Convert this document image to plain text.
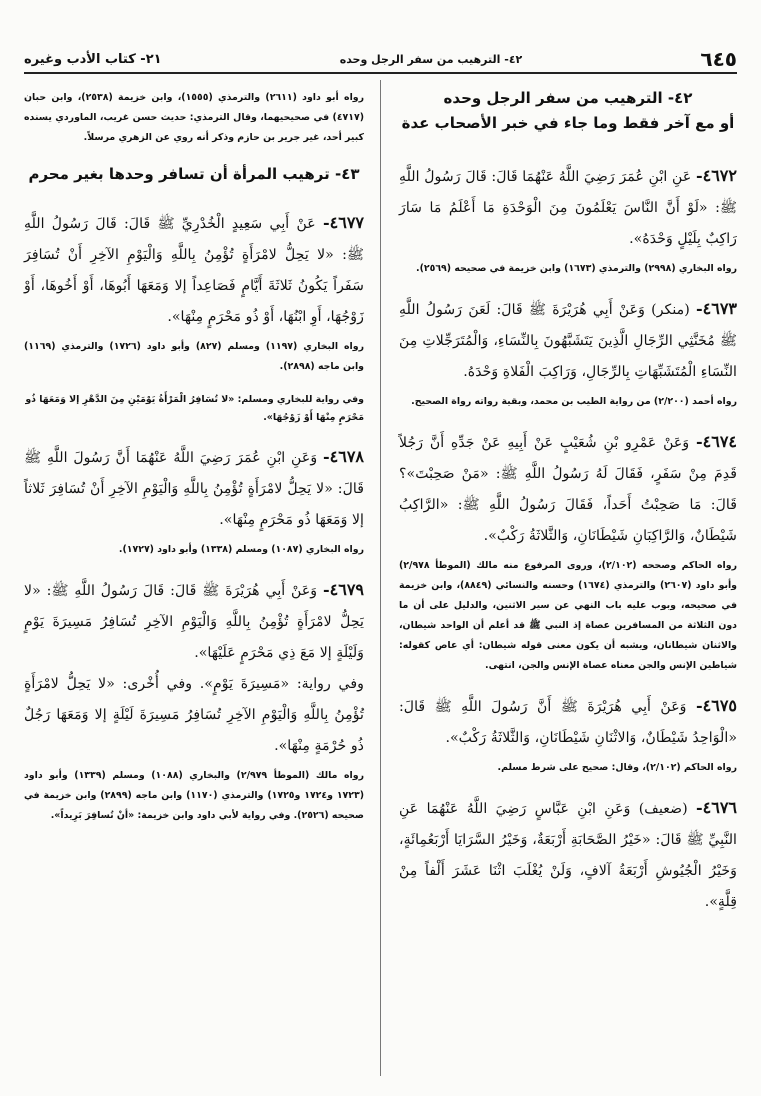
٦٤٥
٤٢- الترهيب من سفر الرجل وحده
٢١- كتاب الأدب وغيره
٤٢- الترهيب من سفر الرجل وحده
أو مع آخر فقط وما جاء في خبر الأصحاب عدة

٤٦٧٢- عَنِ ابْنِ عُمَرَ رَضِيَ اللَّهُ عَنْهُمَا قَالَ: قَالَ رَسُولُ اللَّهِ ﷺ: «لَوْ أَنَّ النَّاسَ يَعْلَمُونَ مِنَ الْوَحْدَةِ مَا أَعْلَمُ مَا سَارَ رَاكِبٌ بِلَيْلٍ وَحْدَهُ».

رواه البخاري (٢٩٩٨) والترمذي (١٦٧٣) وابن خزيمة في صحيحه (٢٥٦٩).

٤٦٧٣- (منكر) وَعَنْ أَبِي هُرَيْرَةَ ﷺ قَالَ: لَعَنَ رَسُولُ اللَّهِ ﷺ مُخَنَّثِي الرِّجَالِ الَّذِينَ يَتَشَبَّهُونَ بِالنِّسَاءِ، وَالْمُتَرَجِّلاتِ مِنَ النِّسَاءِ الْمُتَشَبِّهَاتِ بِالرِّجَالِ، وَرَاكِبَ الْفَلاةِ وَحْدَهُ.

رواه أحمد (٢/٢٠٠) من رواية الطيب بن محمد، وبقية رواته رواة الصحيح.

٤٦٧٤- وَعَنْ عَمْرِو بْنِ شُعَيْبٍ عَنْ أَبِيهِ عَنْ جَدِّهِ أَنَّ رَجُلاً قَدِمَ مِنْ سَفَرٍ، فَقَالَ لَهُ رَسُولُ اللَّهِ ﷺ: «مَنْ صَحِبْتَ»؟ قَالَ: مَا صَحِبْتُ أَحَداً، فَقَالَ رَسُولُ اللَّهِ ﷺ: «الرَّاكِبُ شَيْطَانٌ، وَالرَّاكِبَانِ شَيْطَانَانِ، وَالثَّلاثَةُ رَكْبٌ».

رواه الحاكم وصححه (٢/١٠٢)، وروى المرفوع منه مالك (الموطأ ٢/٩٧٨) وأبو داود (٢٦٠٧) والترمذي (١٦٧٤) وحسنه والنسائي (٨٨٤٩)، وابن خزيمة في صحيحه، وبوب عليه باب النهي عن سير الاثنين، والدليل على أن ما دون الثلاثة من المسافرين عصاة إذ النبي ﷺ قد أعلم أن الواحد شيطان، والاثنان شيطانان، ويشبه أن يكون معنى قوله شيطان: أي عاص كقوله: شياطين الإنس والجن معناه عصاة الإنس والجن، انتهى.

٤٦٧٥- وَعَنْ أَبِي هُرَيْرَةَ ﷺ أَنَّ رَسُولَ اللَّهِ ﷺ قَالَ: «الْوَاحِدُ شَيْطَانٌ، وَالاثْنَانِ شَيْطَانَانِ، وَالثَّلاثَةُ رَكْبٌ».

رواه الحاكم (٢/١٠٢)، وقال: صحيح على شرط مسلم.

٤٦٧٦- (ضعيف) وَعَنِ ابْنِ عَبَّاسٍ رَضِيَ اللَّهُ عَنْهُمَا عَنِ النَّبِيِّ ﷺ قَالَ: «خَيْرُ الصَّحَابَةِ أَرْبَعَةٌ، وَخَيْرُ السَّرَايَا أَرْبَعُمِائَةٍ، وَخَيْرُ الْجُيُوشِ أَرْبَعَةُ آلافٍ، وَلَنْ يُغْلَبَ اثْنَا عَشَرَ أَلْفاً مِنْ قِلَّةٍ».

رواه أبو داود (٢٦١١) والترمذي (١٥٥٥)، وابن خزيمة (٢٥٣٨)، وابن حبان (٤٧١٧) في صحيحيهما، وقال الترمذي: حديث حسن غريب، الماوردي يسنده كبير أحد، غير جرير بن حازم وذكر أنه روي عن الزهري مرسلاً.

٤٣- ترهيب المرأة أن تسافر وحدها بغير محرم

٤٦٧٧- عَنْ أَبِي سَعِيدٍ الْخُدْرِيِّ ﷺ قَالَ: قَالَ رَسُولُ اللَّهِ ﷺ: «لا يَحِلُّ لامْرَأَةٍ تُؤْمِنُ بِاللَّهِ وَالْيَوْمِ الآخِرِ أَنْ تُسَافِرَ سَفَراً يَكُونُ ثَلاثَةَ أَيَّامٍ فَصَاعِداً إلا وَمَعَهَا أَبُوهَا، أَوْ أَخُوهَا، أَوْ زَوْجُهَا، أَوِ ابْنُهَا، أَوْ ذُو مَحْرَمٍ مِنْهَا».

رواه البخاري (١١٩٧) ومسلم (٨٢٧) وأبو داود (١٧٢٦) والترمذي (١١٦٩) وابن ماجه (٢٨٩٨).

وفي رواية للبخاري ومسلم: «لا تُسَافِرُ الْمَرْأَةُ يَوْمَيْنِ مِنَ الدَّهْرِ إلا وَمَعَهَا ذُو مَحْرَمٍ مِنْهَا أَوْ زَوْجُهَا».

٤٦٧٨- وَعَنِ ابْنِ عُمَرَ رَضِيَ اللَّهُ عَنْهُمَا أَنَّ رَسُولَ اللَّهِ ﷺ قَالَ: «لا يَحِلُّ لامْرَأَةٍ تُؤْمِنُ بِاللَّهِ وَالْيَوْمِ الآخِرِ أَنْ تُسَافِرَ ثَلاثاً إلا وَمَعَهَا ذُو مَحْرَمٍ مِنْهَا».

رواه البخاري (١٠٨٧) ومسلم (١٣٣٨) وأبو داود (١٧٢٧).

٤٦٧٩- وَعَنْ أَبِي هُرَيْرَةَ ﷺ قَالَ: قَالَ رَسُولُ اللَّهِ ﷺ: «لا يَحِلُّ لامْرَأَةٍ تُؤْمِنُ بِاللَّهِ وَالْيَوْمِ الآخِرِ تُسَافِرُ مَسِيرَةَ يَوْمٍ وَلَيْلَةٍ إلا مَعَ ذِي مَحْرَمٍ عَلَيْهَا».

وفي رواية: «مَسِيرَةَ يَوْمٍ». وفي أُخْرى: «لا يَحِلُّ لامْرَأَةٍ تُؤْمِنُ بِاللَّهِ وَالْيَوْمِ الآخِرِ تُسَافِرُ مَسِيرَةَ لَيْلَةٍ إلا وَمَعَهَا رَجُلٌ ذُو حُرْمَةٍ مِنْهَا».

رواه مالك (الموطأ ٢/٩٧٩) والبخاري (١٠٨٨) ومسلم (١٣٣٩) وأبو داود (١٧٢٣ و١٧٢٤ و١٧٢٥) والترمذي (١١٧٠) وابن ماجه (٢٨٩٩) وابن خزيمة في صحيحه (٢٥٢٦). وفي رواية لأبي داود وابن خزيمة: «أنْ تُسافِرَ بَرِيداً».
